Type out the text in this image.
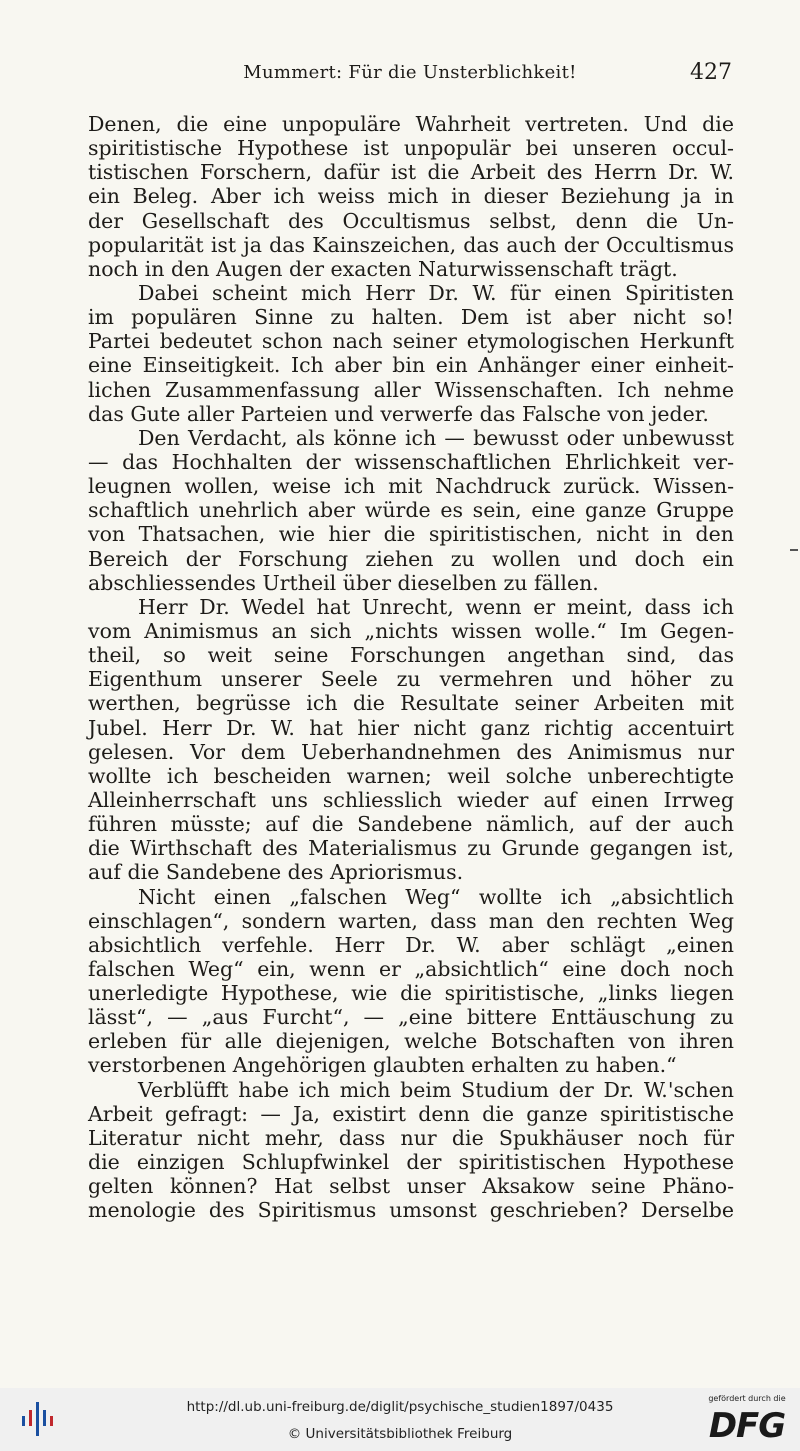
Mummert: Für die Unsterblichkeit!	427
Denen, die eine unpopuläre Wahrheit vertreten. Und die
spiritistische Hypothese ist unpopulär bei unseren occul-
tistischen Forschern, dafür ist die Arbeit des Herrn Dr. W.
ein Beleg. Aber ich weiss mich in dieser Beziehung ja in
der Gesellschaft des Occultismus selbst, denn die Un-
popularität ist ja das Kainszeichen, das auch der Occultismus
noch in den Augen der exacten Naturwissenschaft trägt.
Dabei scheint mich Herr Dr. W. für einen Spiritisten
im populären Sinne zu halten. Dem ist aber nicht so!
Partei bedeutet schon nach seiner etymologischen Herkunft
eine Einseitigkeit. Ich aber bin ein Anhänger einer einheit-
lichen Zusammenfassung aller Wissenschaften. Ich nehme
das Gute aller Parteien und verwerfe das Falsche von jeder.
Den Verdacht, als könne ich — bewusst oder unbewusst
— das Hochhalten der wissenschaftlichen Ehrlichkeit ver-
leugnen wollen, weise ich mit Nachdruck zurück. Wissen-
schaftlich unehrlich aber würde es sein, eine ganze Gruppe
von Thatsachen, wie hier die spiritistischen, nicht in den
Bereich der Forschung ziehen zu wollen und doch ein
abschliessendes Urtheil über dieselben zu fällen.
Herr Dr. Wedel hat Unrecht, wenn er meint, dass ich
vom Animismus an sich „nichts wissen wolle.“ Im Gegen-
theil, so weit seine Forschungen angethan sind, das
Eigenthum unserer Seele zu vermehren und höher zu
werthen, begrüsse ich die Resultate seiner Arbeiten mit
Jubel. Herr Dr. W. hat hier nicht ganz richtig accentuirt
gelesen. Vor dem Ueberhandnehmen des Animismus nur
wollte ich bescheiden warnen; weil solche unberechtigte
Alleinherrschaft uns schliesslich wieder auf einen Irrweg
führen müsste; auf die Sandebene nämlich, auf der auch
die Wirthschaft des Materialismus zu Grunde gegangen ist,
auf die Sandebene des Apriorismus.
Nicht einen „falschen Weg“ wollte ich „absichtlich
einschlagen“, sondern warten, dass man den rechten Weg
absichtlich verfehle. Herr Dr. W. aber schlägt „einen
falschen Weg“ ein, wenn er „absichtlich“ eine doch noch
unerledigte Hypothese, wie die spiritistische, „links liegen
lässt“, — „aus Furcht“, — „eine bittere Enttäuschung zu
erleben für alle diejenigen, welche Botschaften von ihren
verstorbenen Angehörigen glaubten erhalten zu haben.“
Verblüfft habe ich mich beim Studium der Dr. W.'schen
Arbeit gefragt: — Ja, existirt denn die ganze spiritistische
Literatur nicht mehr, dass nur die Spukhäuser noch für
die einzigen Schlupfwinkel der spiritistischen Hypothese
gelten können? Hat selbst unser Aksakow seine Phäno-
menologie des Spiritismus umsonst geschrieben? Derselbe
http://dl.ub.uni-freiburg.de/diglit/psychische_studien1897/0435
© Universitätsbibliothek Freiburg
gefördert durch die
DFG
